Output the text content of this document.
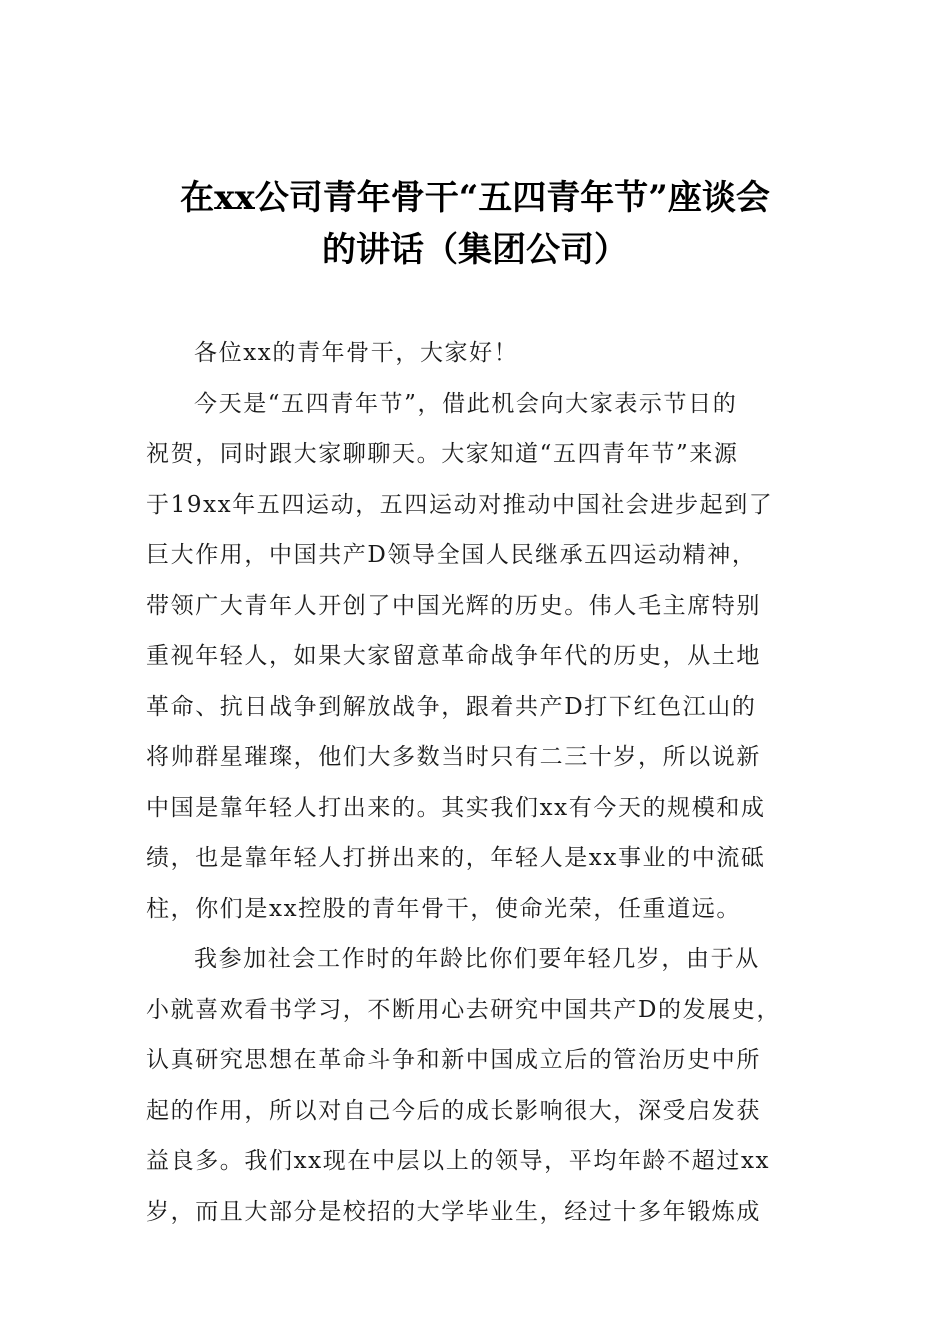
在xx公司青年骨干“五四青年节”座谈会
的讲话（集团公司）

各位xx的青年骨干，大家好！

今天是“五四青年节”，借此机会向大家表示节日的
祝贺，同时跟大家聊聊天。大家知道“五四青年节”来源
于19xx年五四运动，五四运动对推动中国社会进步起到了
巨大作用，中国共产D领导全国人民继承五四运动精神，
带领广大青年人开创了中国光辉的历史。伟人毛主席特别
重视年轻人，如果大家留意革命战争年代的历史，从土地
革命、抗日战争到解放战争，跟着共产D打下红色江山的
将帅群星璀璨，他们大多数当时只有二三十岁，所以说新
中国是靠年轻人打出来的。其实我们xx有今天的规模和成
绩，也是靠年轻人打拼出来的，年轻人是xx事业的中流砥
柱，你们是xx控股的青年骨干，使命光荣，任重道远。

我参加社会工作时的年龄比你们要年轻几岁，由于从
小就喜欢看书学习，不断用心去研究中国共产D的发展史，
认真研究思想在革命斗争和新中国成立后的管治历史中所
起的作用，所以对自己今后的成长影响很大，深受启发获
益良多。我们xx现在中层以上的领导，平均年龄不超过xx
岁，而且大部分是校招的大学毕业生，经过十多年锻炼成
